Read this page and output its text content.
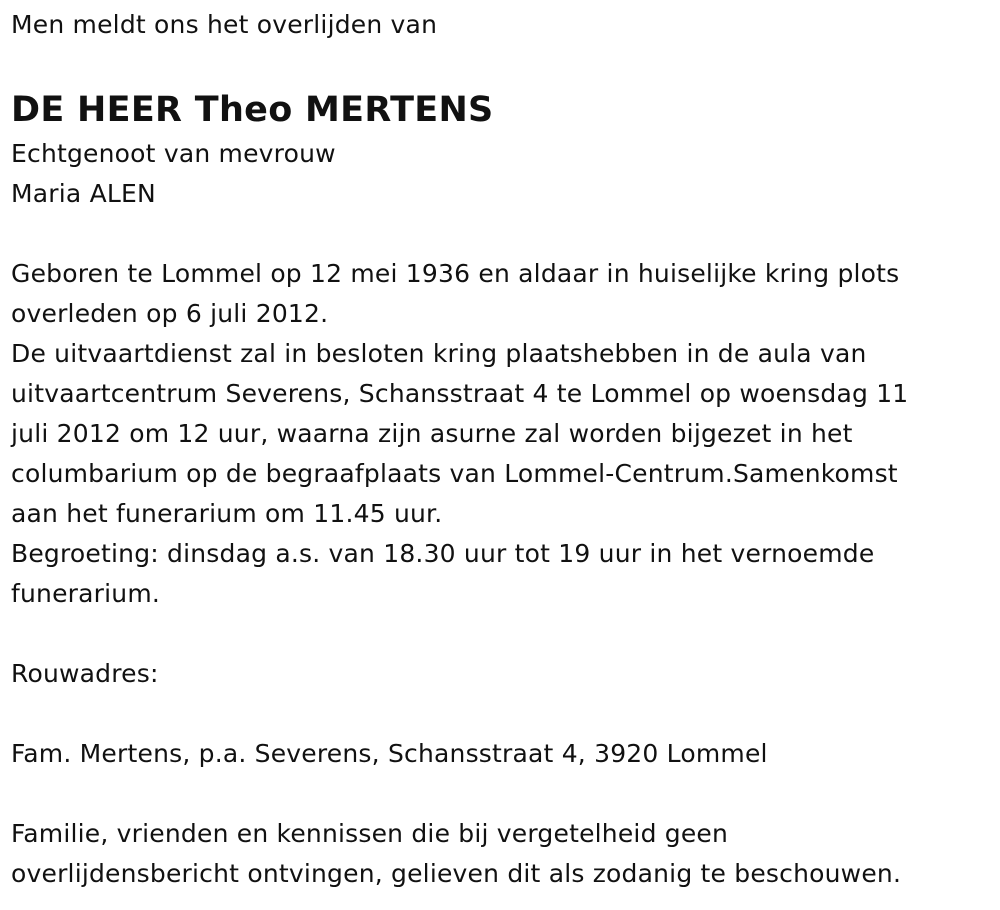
Men meldt ons het overlijden van
DE HEER Theo MERTENS
Echtgenoot van mevrouw
Maria ALEN
Geboren te Lommel op 12 mei 1936 en aldaar in huiselijke kring plots
overleden op 6 juli 2012.
De uitvaartdienst zal in besloten kring plaatshebben in de aula van
uitvaartcentrum Severens, Schansstraat 4 te Lommel op woensdag 11
juli 2012 om 12 uur, waarna zijn asurne zal worden bijgezet in het
columbarium op de begraafplaats van Lommel-Centrum.Samenkomst
aan het funerarium om 11.45 uur.
Begroeting: dinsdag a.s. van 18.30 uur tot 19 uur in het vernoemde
funerarium.
Rouwadres:
Fam. Mertens, p.a. Severens, Schansstraat 4, 3920 Lommel
Familie, vrienden en kennissen die bij vergetelheid geen
overlijdensbericht ontvingen, gelieven dit als zodanig te beschouwen.
